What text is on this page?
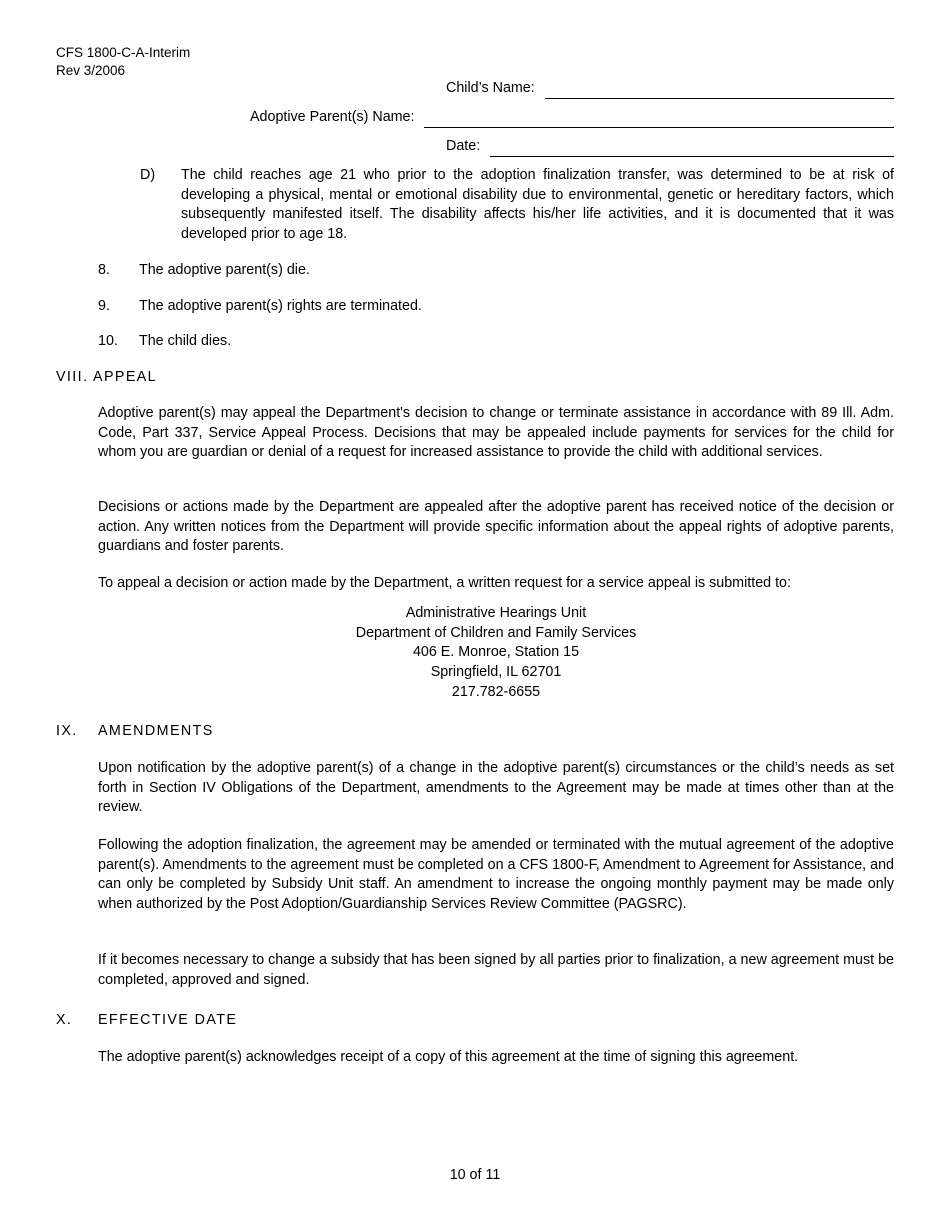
CFS 1800-C-A-Interim
Rev 3/2006
Child’s Name:
Adoptive Parent(s) Name:
Date:
D) The child reaches age 21 who prior to the adoption finalization transfer, was determined to be at risk of developing a physical, mental or emotional disability due to environmental, genetic or hereditary factors, which subsequently manifested itself. The disability affects his/her life activities, and it is documented that it was developed prior to age 18.
8. The adoptive parent(s) die.
9. The adoptive parent(s) rights are terminated.
10. The child dies.
VIII. APPEAL
Adoptive parent(s) may appeal the Department's decision to change or terminate assistance in accordance with 89 Ill. Adm. Code, Part 337, Service Appeal Process. Decisions that may be appealed include payments for services for the child for whom you are guardian or denial of a request for increased assistance to provide the child with additional services.
Decisions or actions made by the Department are appealed after the adoptive parent has received notice of the decision or action. Any written notices from the Department will provide specific information about the appeal rights of adoptive parents, guardians and foster parents.
To appeal a decision or action made by the Department, a written request for a service appeal is submitted to:
Administrative Hearings Unit
Department of Children and Family Services
406 E. Monroe, Station 15
Springfield, IL 62701
217.782-6655
IX. AMENDMENTS
Upon notification by the adoptive parent(s) of a change in the adoptive parent(s) circumstances or the child’s needs as set forth in Section IV Obligations of the Department, amendments to the Agreement may be made at times other than at the review.
Following the adoption finalization, the agreement may be amended or terminated with the mutual agreement of the adoptive parent(s). Amendments to the agreement must be completed on a CFS 1800-F, Amendment to Agreement for Assistance, and can only be completed by Subsidy Unit staff. An amendment to increase the ongoing monthly payment may be made only when authorized by the Post Adoption/Guardianship Services Review Committee (PAGSRC).
If it becomes necessary to change a subsidy that has been signed by all parties prior to finalization, a new agreement must be completed, approved and signed.
X. EFFECTIVE DATE
The adoptive parent(s) acknowledges receipt of a copy of this agreement at the time of signing this agreement.
10 of 11
